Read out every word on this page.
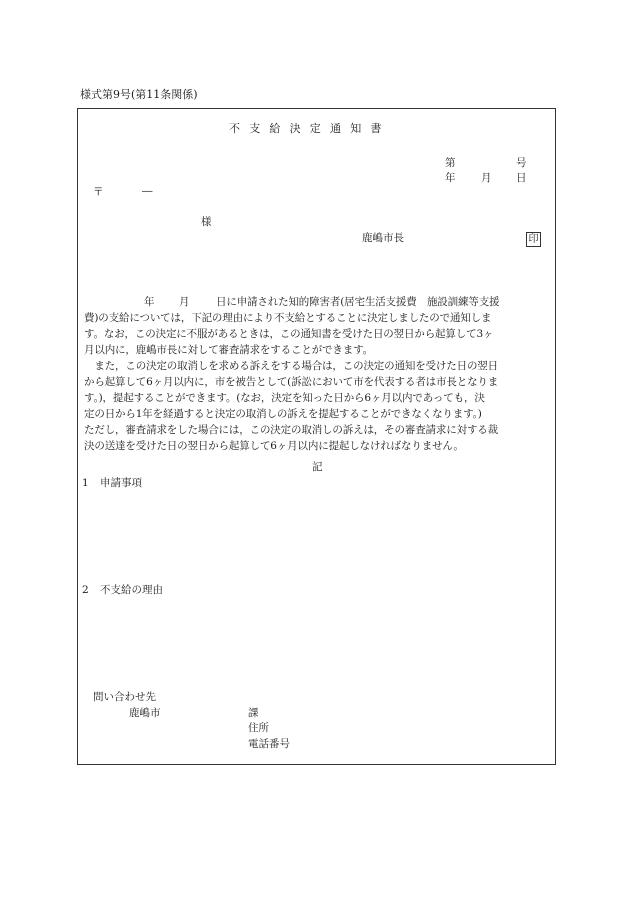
様式第9号(第11条関係)
不支給決定通知書
第	号
年 月 日
〒	―
様
鹿嶋市長	印
年 月	日に申請された知的障害者(居宅生活支援費　施設訓練等支援
費)の支給については，下記の理由により不支給とすることに決定しましたので通知しま
す。なお，この決定に不服があるときは，この通知書を受けた日の翌日から起算して3ヶ
月以内に，鹿嶋市長に対して審査請求をすることができます。
　また，この決定の取消しを求める訴えをする場合は，この決定の通知を受けた日の翌日
から起算して6ヶ月以内に，市を被告として(訴訟において市を代表する者は市長となりま
す。)，提起することができます。(なお，決定を知った日から6ヶ月以内であっても，決
定の日から1年を経過すると決定の取消しの訴えを提起することができなくなります。)
ただし，審査請求をした場合には，この決定の取消しの訴えは，その審査請求に対する裁
決の送達を受けた日の翌日から起算して6ヶ月以内に提起しなければなりません。
記
1 申請事項
2 不支給の理由
問い合わせ先
鹿嶋市	課
住所
電話番号
